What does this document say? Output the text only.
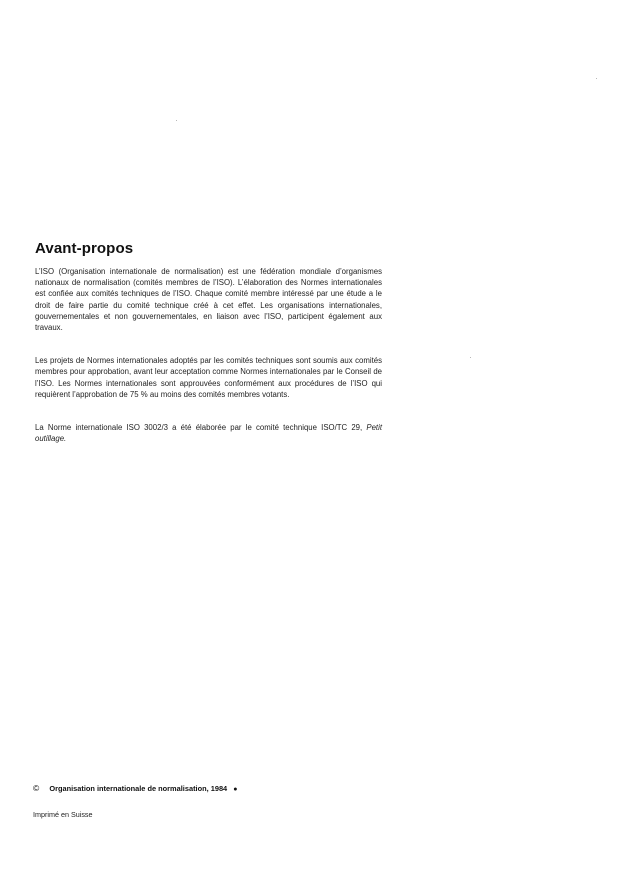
Avant-propos

L’ISO (Organisation internationale de normalisation) est une fédération mondiale d’organismes nationaux de normalisation (comités membres de l’ISO). L’élaboration des Normes internationales est confiée aux comités techniques de l’ISO. Chaque comité membre intéressé par une étude a le droit de faire partie du comité technique créé à cet effet. Les organisations internationales, gouvernementales et non gouvernementales, en liaison avec l’ISO, participent également aux travaux.

Les projets de Normes internationales adoptés par les comités techniques sont soumis aux comités membres pour approbation, avant leur acceptation comme Normes internationales par le Conseil de l’ISO. Les Normes internationales sont approuvées conformément aux procédures de l’ISO qui requièrent l’approbation de 75 % au moins des comités membres votants.

La Norme internationale ISO 3002/3 a été élaborée par le comité technique ISO/TC 29, Petit outillage.

© Organisation internationale de normalisation, 1984 ●
Imprimé en Suisse
